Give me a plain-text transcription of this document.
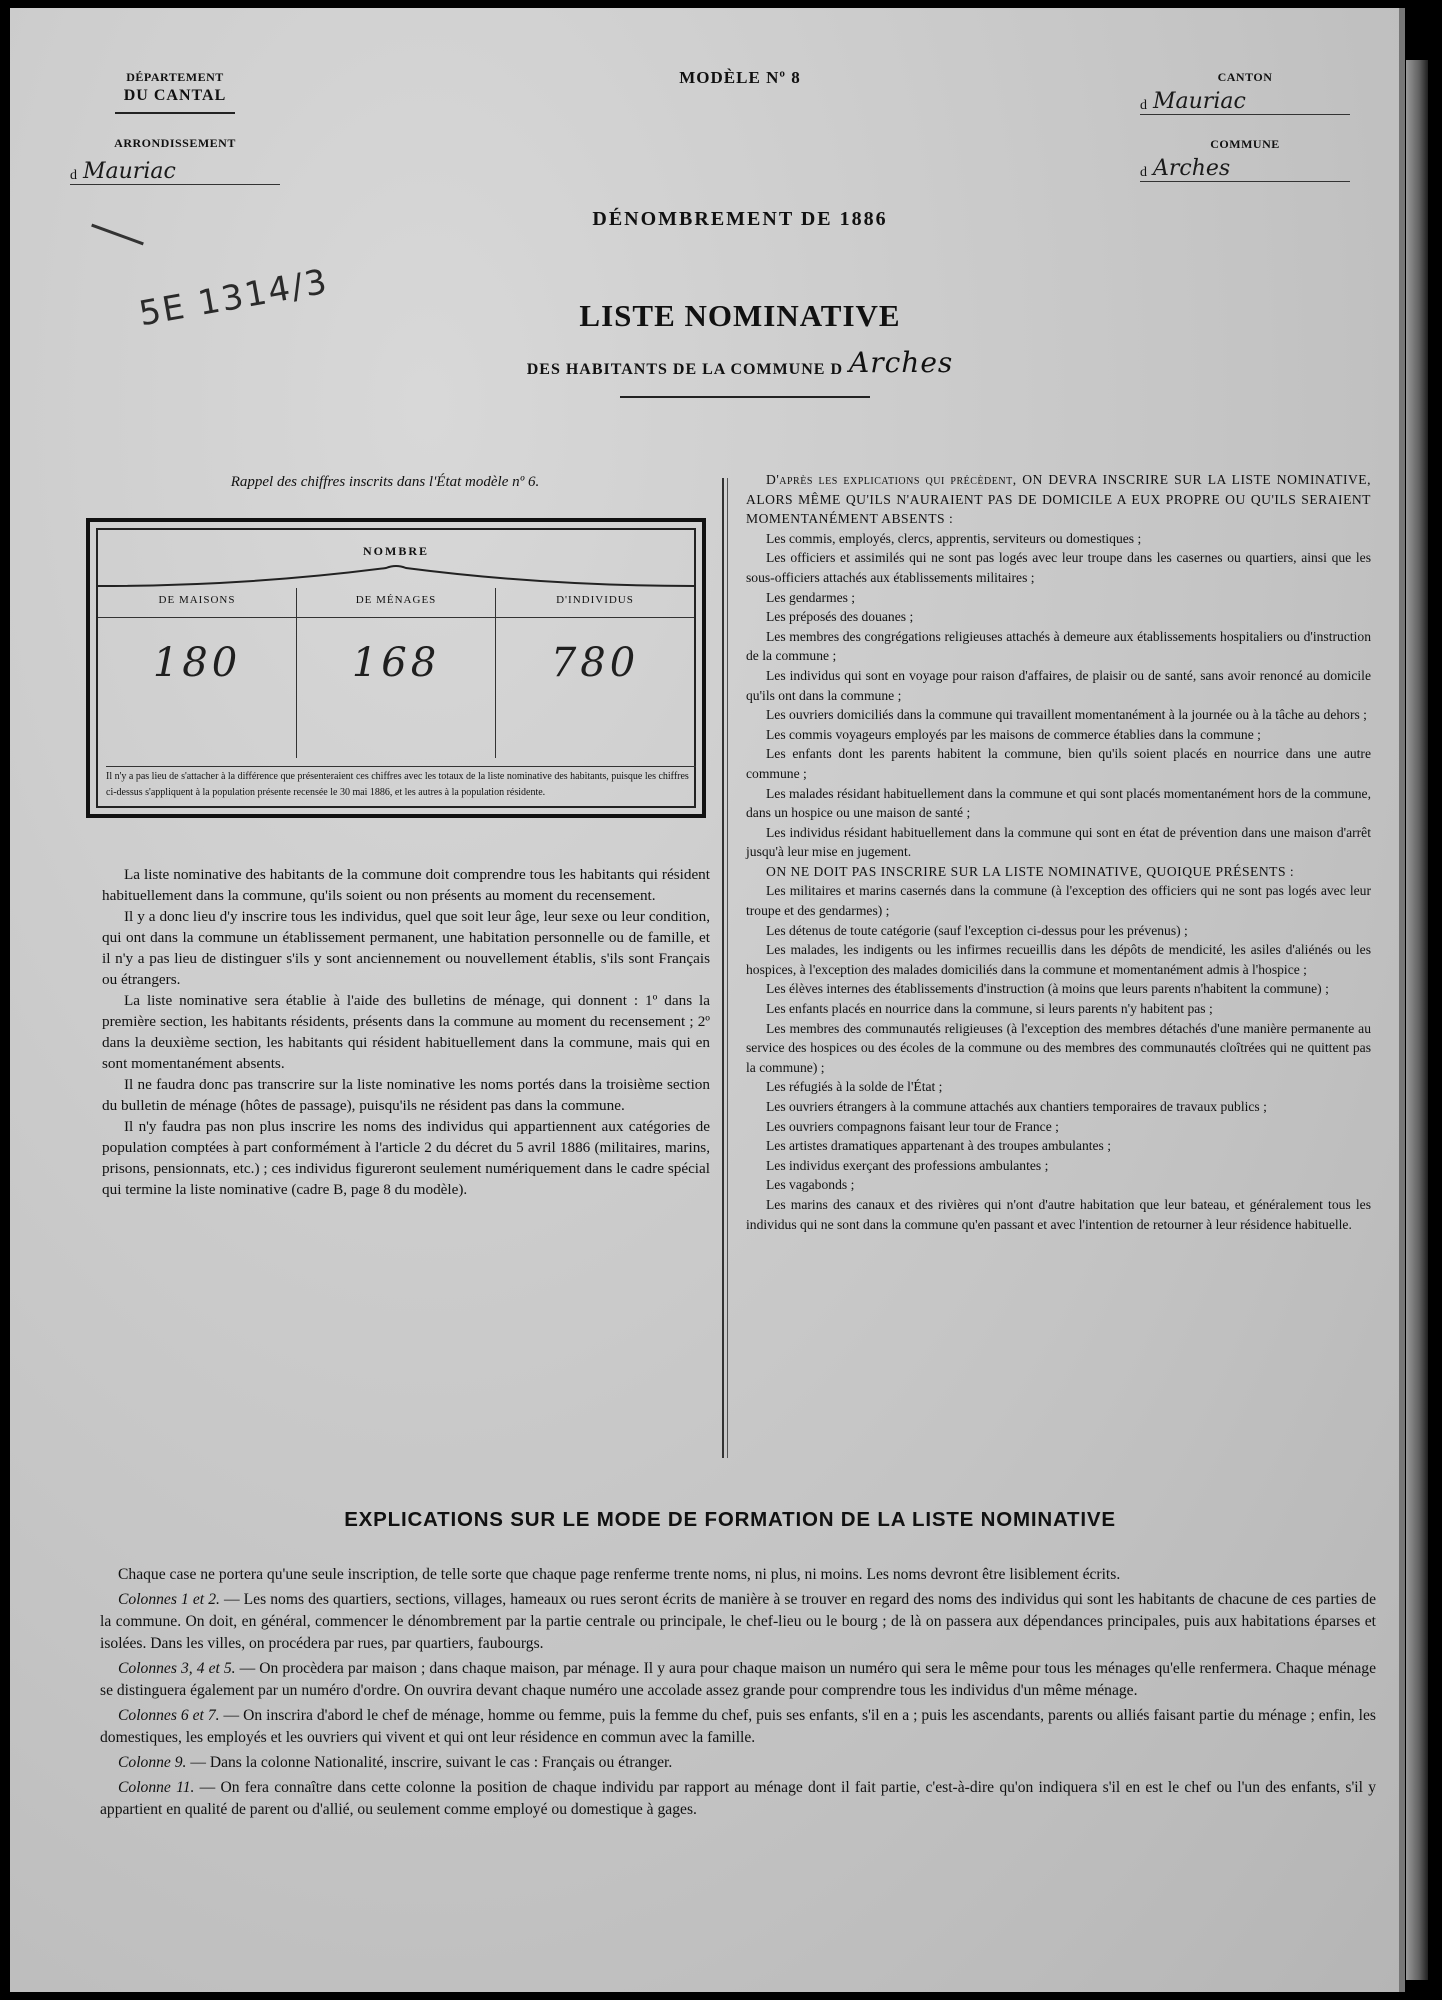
DÉPARTEMENT
DU CANTAL
ARRONDISSEMENT
d Mauriac
MODÈLE Nº 8	CANTON
d Mauriac
COMMUNE
d Arches
DÉNOMBREMENT DE 1886
5E 1314/3	LISTE NOMINATIVE
DES HABITANTS DE LA COMMUNE D Arches
Rappel des chiffres inscrits dans l'État modèle nº 6.
NOMBRE
DE MAISONS
180
DE MÉNAGES
168
D'INDIVIDUS
780
Il n'y a pas lieu de s'attacher à la différence que présenteraient ces chiffres avec les totaux de la liste nominative des habitants, puisque les chiffres ci-dessus s'appliquent à la population présente recensée le 30 mai 1886, et les autres à la population résidente.

La liste nominative des habitants de la commune doit comprendre tous les habitants qui résident habituellement dans la commune, qu'ils soient ou non présents au moment du recensement.

Il y a donc lieu d'y inscrire tous les individus, quel que soit leur âge, leur sexe ou leur condition, qui ont dans la commune un établissement permanent, une habitation personnelle ou de famille, et il n'y a pas lieu de distinguer s'ils y sont anciennement ou nouvellement établis, s'ils sont Français ou étrangers.

La liste nominative sera établie à l'aide des bulletins de ménage, qui donnent : 1º dans la première section, les habitants résidents, présents dans la commune au moment du recensement ; 2º dans la deuxième section, les habitants qui résident habituellement dans la commune, mais qui en sont momentanément absents.

Il ne faudra donc pas transcrire sur la liste nominative les noms portés dans la troisième section du bulletin de ménage (hôtes de passage), puisqu'ils ne résident pas dans la commune.

Il n'y faudra pas non plus inscrire les noms des individus qui appartiennent aux catégories de population comptées à part conformément à l'article 2 du décret du 5 avril 1886 (militaires, marins, prisons, pensionnats, etc.) ; ces individus figureront seulement numériquement dans le cadre spécial qui termine la liste nominative (cadre B, page 8 du modèle).

D'après les explications qui précèdent, ON DEVRA INSCRIRE SUR LA LISTE NOMINATIVE, ALORS MÊME QU'ILS N'AURAIENT PAS DE DOMICILE A EUX PROPRE OU QU'ILS SERAIENT MOMENTANÉMENT ABSENTS :

Les commis, employés, clercs, apprentis, serviteurs ou domestiques ;

Les officiers et assimilés qui ne sont pas logés avec leur troupe dans les casernes ou quartiers, ainsi que les sous-officiers attachés aux établissements militaires ;

Les gendarmes ;

Les préposés des douanes ;

Les membres des congrégations religieuses attachés à demeure aux établissements hospitaliers ou d'instruction de la commune ;

Les individus qui sont en voyage pour raison d'affaires, de plaisir ou de santé, sans avoir renoncé au domicile qu'ils ont dans la commune ;

Les ouvriers domiciliés dans la commune qui travaillent momentanément à la journée ou à la tâche au dehors ;

Les commis voyageurs employés par les maisons de commerce établies dans la commune ;

Les enfants dont les parents habitent la commune, bien qu'ils soient placés en nourrice dans une autre commune ;

Les malades résidant habituellement dans la commune et qui sont placés momentanément hors de la commune, dans un hospice ou une maison de santé ;

Les individus résidant habituellement dans la commune qui sont en état de prévention dans une maison d'arrêt jusqu'à leur mise en jugement.

ON NE DOIT PAS INSCRIRE SUR LA LISTE NOMINATIVE, QUOIQUE PRÉSENTS :

Les militaires et marins casernés dans la commune (à l'exception des officiers qui ne sont pas logés avec leur troupe et des gendarmes) ;

Les détenus de toute catégorie (sauf l'exception ci-dessus pour les prévenus) ;

Les malades, les indigents ou les infirmes recueillis dans les dépôts de mendicité, les asiles d'aliénés ou les hospices, à l'exception des malades domiciliés dans la commune et momentanément admis à l'hospice ;

Les élèves internes des établissements d'instruction (à moins que leurs parents n'habitent la commune) ;

Les enfants placés en nourrice dans la commune, si leurs parents n'y habitent pas ;

Les membres des communautés religieuses (à l'exception des membres détachés d'une manière permanente au service des hospices ou des écoles de la commune ou des membres des communautés cloîtrées qui ne quittent pas la commune) ;

Les réfugiés à la solde de l'État ;

Les ouvriers étrangers à la commune attachés aux chantiers temporaires de travaux publics ;

Les ouvriers compagnons faisant leur tour de France ;

Les artistes dramatiques appartenant à des troupes ambulantes ;

Les individus exerçant des professions ambulantes ;

Les vagabonds ;

Les marins des canaux et des rivières qui n'ont d'autre habitation que leur bateau, et généralement tous les individus qui ne sont dans la commune qu'en passant et avec l'intention de retourner à leur résidence habituelle.

EXPLICATIONS SUR LE MODE DE FORMATION DE LA LISTE NOMINATIVE

Chaque case ne portera qu'une seule inscription, de telle sorte que chaque page renferme trente noms, ni plus, ni moins. Les noms devront être lisiblement écrits.

Colonnes 1 et 2. — Les noms des quartiers, sections, villages, hameaux ou rues seront écrits de manière à se trouver en regard des noms des individus qui sont les habitants de chacune de ces parties de la commune. On doit, en général, commencer le dénombrement par la partie centrale ou principale, le chef-lieu ou le bourg ; de là on passera aux dépendances principales, puis aux habitations éparses et isolées. Dans les villes, on procédera par rues, par quartiers, faubourgs.

Colonnes 3, 4 et 5. — On procèdera par maison ; dans chaque maison, par ménage. Il y aura pour chaque maison un numéro qui sera le même pour tous les ménages qu'elle renfermera. Chaque ménage se distinguera également par un numéro d'ordre. On ouvrira devant chaque numéro une accolade assez grande pour comprendre tous les individus d'un même ménage.

Colonnes 6 et 7. — On inscrira d'abord le chef de ménage, homme ou femme, puis la femme du chef, puis ses enfants, s'il en a ; puis les ascendants, parents ou alliés faisant partie du ménage ; enfin, les domestiques, les employés et les ouvriers qui vivent et qui ont leur résidence en commun avec la famille.

Colonne 9. — Dans la colonne Nationalité, inscrire, suivant le cas : Français ou étranger.

Colonne 11. — On fera connaître dans cette colonne la position de chaque individu par rapport au ménage dont il fait partie, c'est-à-dire qu'on indiquera s'il en est le chef ou l'un des enfants, s'il y appartient en qualité de parent ou d'allié, ou seulement comme employé ou domestique à gages.
